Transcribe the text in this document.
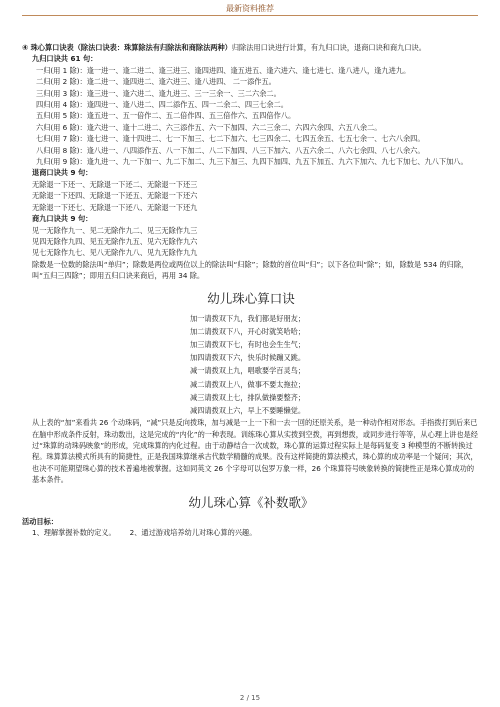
最新资料推荐

④ 珠心算口诀表（除法口诀表：珠算除法有归除法和商除法两种）归除法用口诀进行计算，有九归口诀，退商口诀和商九口诀。

九归口诀共 61 句：

一归(用 1 除)：逢一进一、逢二进二、逢三进三、逢四进四、逢五进五、逢六进六、逢七进七、逢八进八，逢九进九。

二归(用 2 除)：逢二进一、逢四进二、逢六进三、逢八进四、 二一添作五。

三归(用 3 除)：逢三进一、逢六进二、逢九进三、三一三余一、三二六余二。

四归(用 4 除)：逢四进一、逢八进二、四二添作五、四一二余二、四三七余二。

五归(用 5 除)：逢五进一、五一倍作二、五二倍作四、五三倍作六、五四倍作八。

六归(用 6 除)：逢六进一、逢十二进二、六三添作五、六一下加四、六二三余二、六四六余四、六五八余二。

七归(用 7 除)：逢七进一、逢十四进二、七一下加三、七二下加六、七三四余二、七四五余五、七五七余一、七六八余四。

八归(用 8 除)：逢八进一、八四添作五、八一下加二、八二下加四、八三下加六、八五六余二、八六七余四、八七八余六。

九归(用 9 除)：逢九进一、九一下加一、九二下加二、九三下加三、九四下加四、九五下加五、九六下加六、九七下加七、九八下加八。

退商口诀共 9 句：

无除退一下还一、无除退一下还二、无除退一下还三

无除退一下还四、无除退一下还五、无除退一下还六

无除退一下还七、无除退一下还八、无除退一下还九

商九口诀共 9 句：

见一无除作九一、见二无除作九二、见三无除作九三

见四无除作九四、见五无除作九五、见六无除作九六

见七无除作九七、见八无除作九八、见九无除作九九

除数是一位数的除法叫“单归”；除数是两位或两位以上的除法叫“归除”；除数的首位叫“归”；以下各位叫“除”；如，除数是 534 的归除，叫“五归三四除”；即用五归口诀来商后，再用 34 除。

幼儿珠心算口诀

加一请拨双下九，我们都是好朋友；

加二请拨双下八，开心时就笑哈哈；

加三请拨双下七，有时也会生生气；

加四请拨双下六，快乐时候蹦又跳。

减一请拨双上九，唱歌要学百灵鸟；

减二请拨双上八，做事不要太拖拉；

减三请拨双上七，排队做操要整齐；

减四请拨双上六，早上不要睡懒觉。

从上表的“加”来看共 26 个动珠码，“减”只是反向拨珠，加与减是一上一下和一去一回的还原关系，是一种动作相对形态。手指拨打到后来已在脑中形成条件反射，珠动数出，这是完成的“内化”的一种表现。训练珠心算从实拨到空拨，再到想拨，或同步进行等等，从心理上讲也是经过“珠算的动珠码映象”的形成，完成珠算的内化过程。由于动静结合一次成数，珠心算的运算过程实际上是每码复变 3 种模型的不断转换过程。珠算算法模式所具有的简捷性，正是我国珠算继承古代数学精髓的成果。没有这样简捷的算法模式，珠心算的成功率是一个疑问；其次，也决不可能期望珠心算的技术普遍地被掌握。这如同英文 26 个字母可以包罗万象一样，26 个珠算符号映象转换的简捷性正是珠心算成功的基本条件。

幼儿珠心算《补数歌》

活动目标：

1、理解掌握补数的定义。 2、通过游戏培养幼儿对珠心算的兴趣。

2 / 15
